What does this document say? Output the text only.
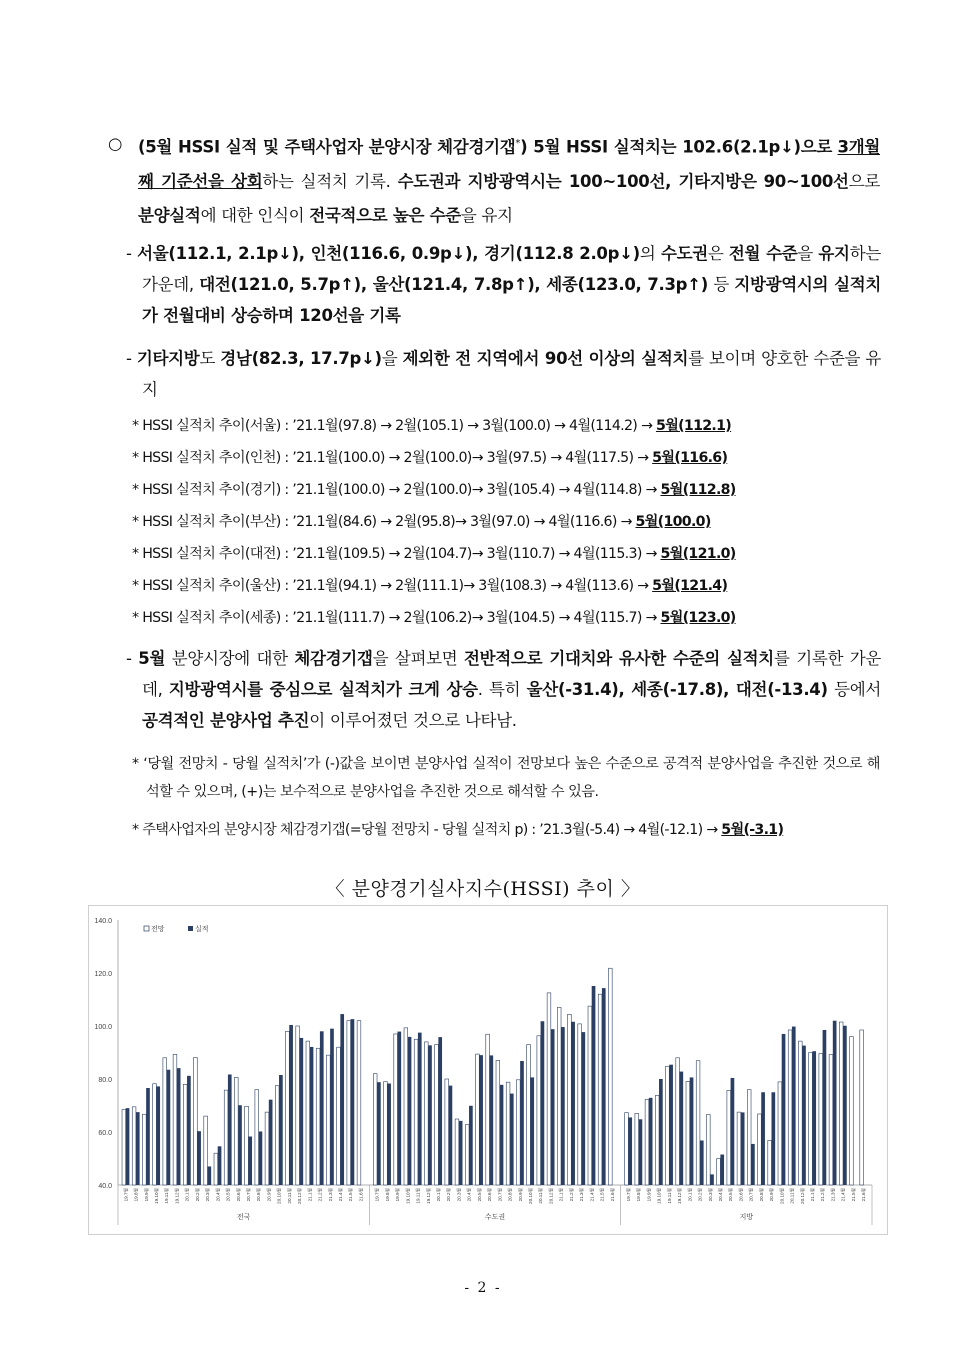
○ (5월 HSSI 실적 및 주택사업자 분양시장 체감경기갭*) 5월 HSSI 실적치는 102.6(2.1p↓)으로 3개월째 기준선을 상회하는 실적치 기록. 수도권과 지방광역시는 100~100선, 기타지방은 90~100선으로 분양실적에 대한 인식이 전국적으로 높은 수준을 유지
- 서울(112.1, 2.1p↓), 인천(116.6, 0.9p↓), 경기(112.8 2.0p↓)의 수도권은 전월 수준을 유지하는 가운데, 대전(121.0, 5.7p↑), 울산(121.4, 7.8p↑), 세종(123.0, 7.3p↑) 등 지방광역시의 실적치가 전월대비 상승하며 120선을 기록
- 기타지방도 경남(82.3, 17.7p↓)을 제외한 전 지역에서 90선 이상의 실적치를 보이며 양호한 수준을 유지
* HSSI 실적치 추이(서울) : ’21.1월(97.8) → 2월(105.1) → 3월(100.0) → 4월(114.2) → 5월(112.1)
* HSSI 실적치 추이(인천) : ’21.1월(100.0) → 2월(100.0)→ 3월(97.5) → 4월(117.5) → 5월(116.6)
* HSSI 실적치 추이(경기) : ’21.1월(100.0) → 2월(100.0)→ 3월(105.4) → 4월(114.8) → 5월(112.8)
* HSSI 실적치 추이(부산) : ’21.1월(84.6) → 2월(95.8)→ 3월(97.0) → 4월(116.6) → 5월(100.0)
* HSSI 실적치 추이(대전) : ’21.1월(109.5) → 2월(104.7)→ 3월(110.7) → 4월(115.3) → 5월(121.0)
* HSSI 실적치 추이(울산) : ’21.1월(94.1) → 2월(111.1)→ 3월(108.3) → 4월(113.6) → 5월(121.4)
* HSSI 실적치 추이(세종) : ’21.1월(111.7) → 2월(106.2)→ 3월(104.5) → 4월(115.7) → 5월(123.0)
- 5월 분양시장에 대한 체감경기갭을 살펴보면 전반적으로 기대치와 유사한 수준의 실적치를 기록한 가운데, 지방광역시를 중심으로 실적치가 크게 상승. 특히 울산(-31.4), 세종(-17.8), 대전(-13.4) 등에서 공격적인 분양사업 추진이 이루어졌던 것으로 나타남.
* ‘당월 전망치 - 당월 실적치’가 (-)값을 보이면 분양사업 실적이 전망보다 높은 수준으로 공격적 분양사업을 추진한 것으로 해석할 수 있으며, (+)는 보수적으로 분양사업을 추진한 것으로 해석할 수 있음.
* 주택사업자의 분양시장 체감경기갭(=당월 전망치 - 당월 실적치 p) : ’21.3월(-5.4) → 4월(-12.1) → 5월(-3.1)
〈 분양경기실사지수(HSSI) 추이 〉
140.0
120.0
100.0
80.0
60.0
40.0
전망	실적
19.7월 19.8월 19.9월 19.10월 19.11월 19.12월 20.1월 20.2월 20.3월 20.4월 20.5월 20.6월 20.7월 20.8월 20.9월 20.10월 20.11월 20.12월 21.1월 21.2월 21.3월 21.4월 21.5월 21.6월
전국
19.7월 19.8월 19.9월 19.10월 19.11월 19.12월 20.1월 20.2월 20.3월 20.4월 20.5월 20.6월 20.7월 20.8월 20.9월 20.10월 20.11월 20.12월 21.1월 21.2월 21.3월 21.4월 21.5월 21.6월
수도권
19.7월 19.8월 19.9월 19.10월 19.11월 19.12월 20.1월 20.2월 20.3월 20.4월 20.5월 20.6월 20.7월 20.8월 20.9월 20.10월 20.11월 20.12월 21.1월 21.2월 21.3월 21.4월 21.5월 21.6월
지방
- 2 -
